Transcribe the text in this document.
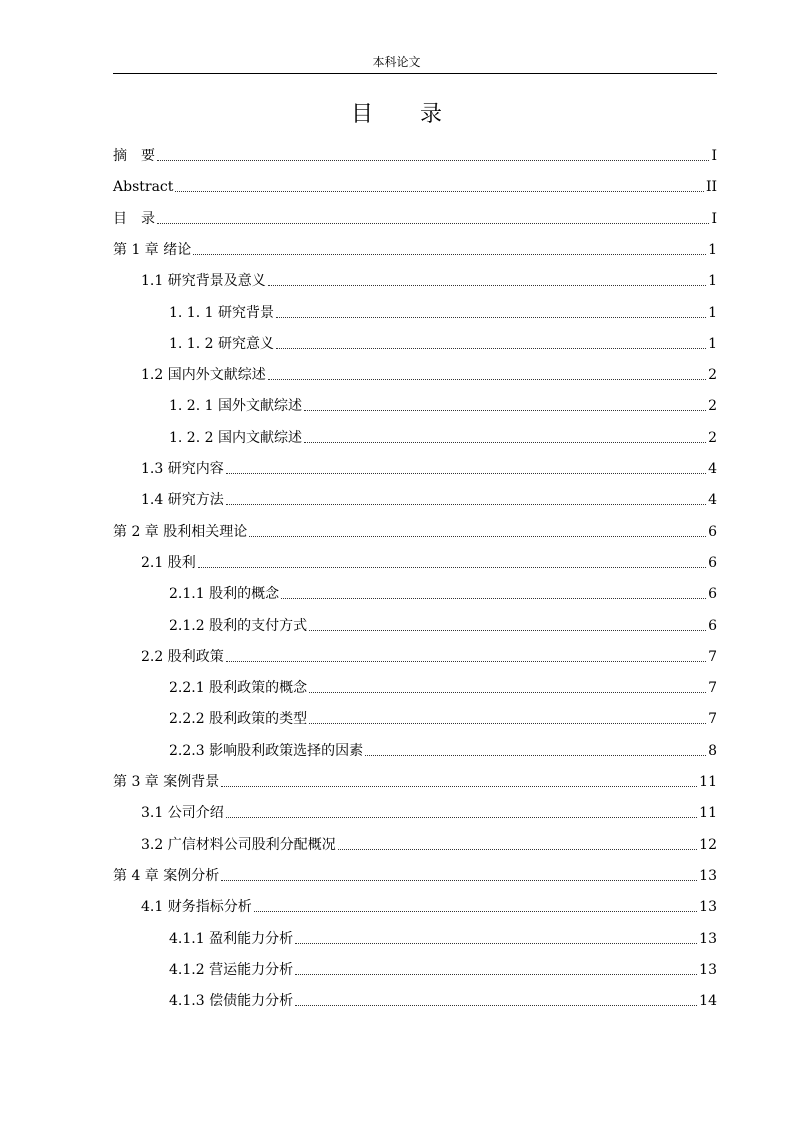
本科论文
目 录
摘　要	I
Abstract	II
目　录	I
第 1 章 绪论	1
1.1 研究背景及意义	1
1. 1. 1 研究背景	1
1. 1. 2 研究意义	1
1.2 国内外文献综述	2
1. 2. 1 国外文献综述	2
1. 2. 2 国内文献综述	2
1.3 研究内容	4
1.4 研究方法	4
第 2 章 股利相关理论	6
2.1 股利	6
2.1.1 股利的概念	6
2.1.2 股利的支付方式	6
2.2 股利政策	7
2.2.1 股利政策的概念	7
2.2.2 股利政策的类型	7
2.2.3 影响股利政策选择的因素	8
第 3 章 案例背景	11
3.1 公司介绍	11
3.2 广信材料公司股利分配概况	12
第 4 章 案例分析	13
4.1 财务指标分析	13
4.1.1 盈利能力分析	13
4.1.2 营运能力分析	13
4.1.3 偿债能力分析	14
